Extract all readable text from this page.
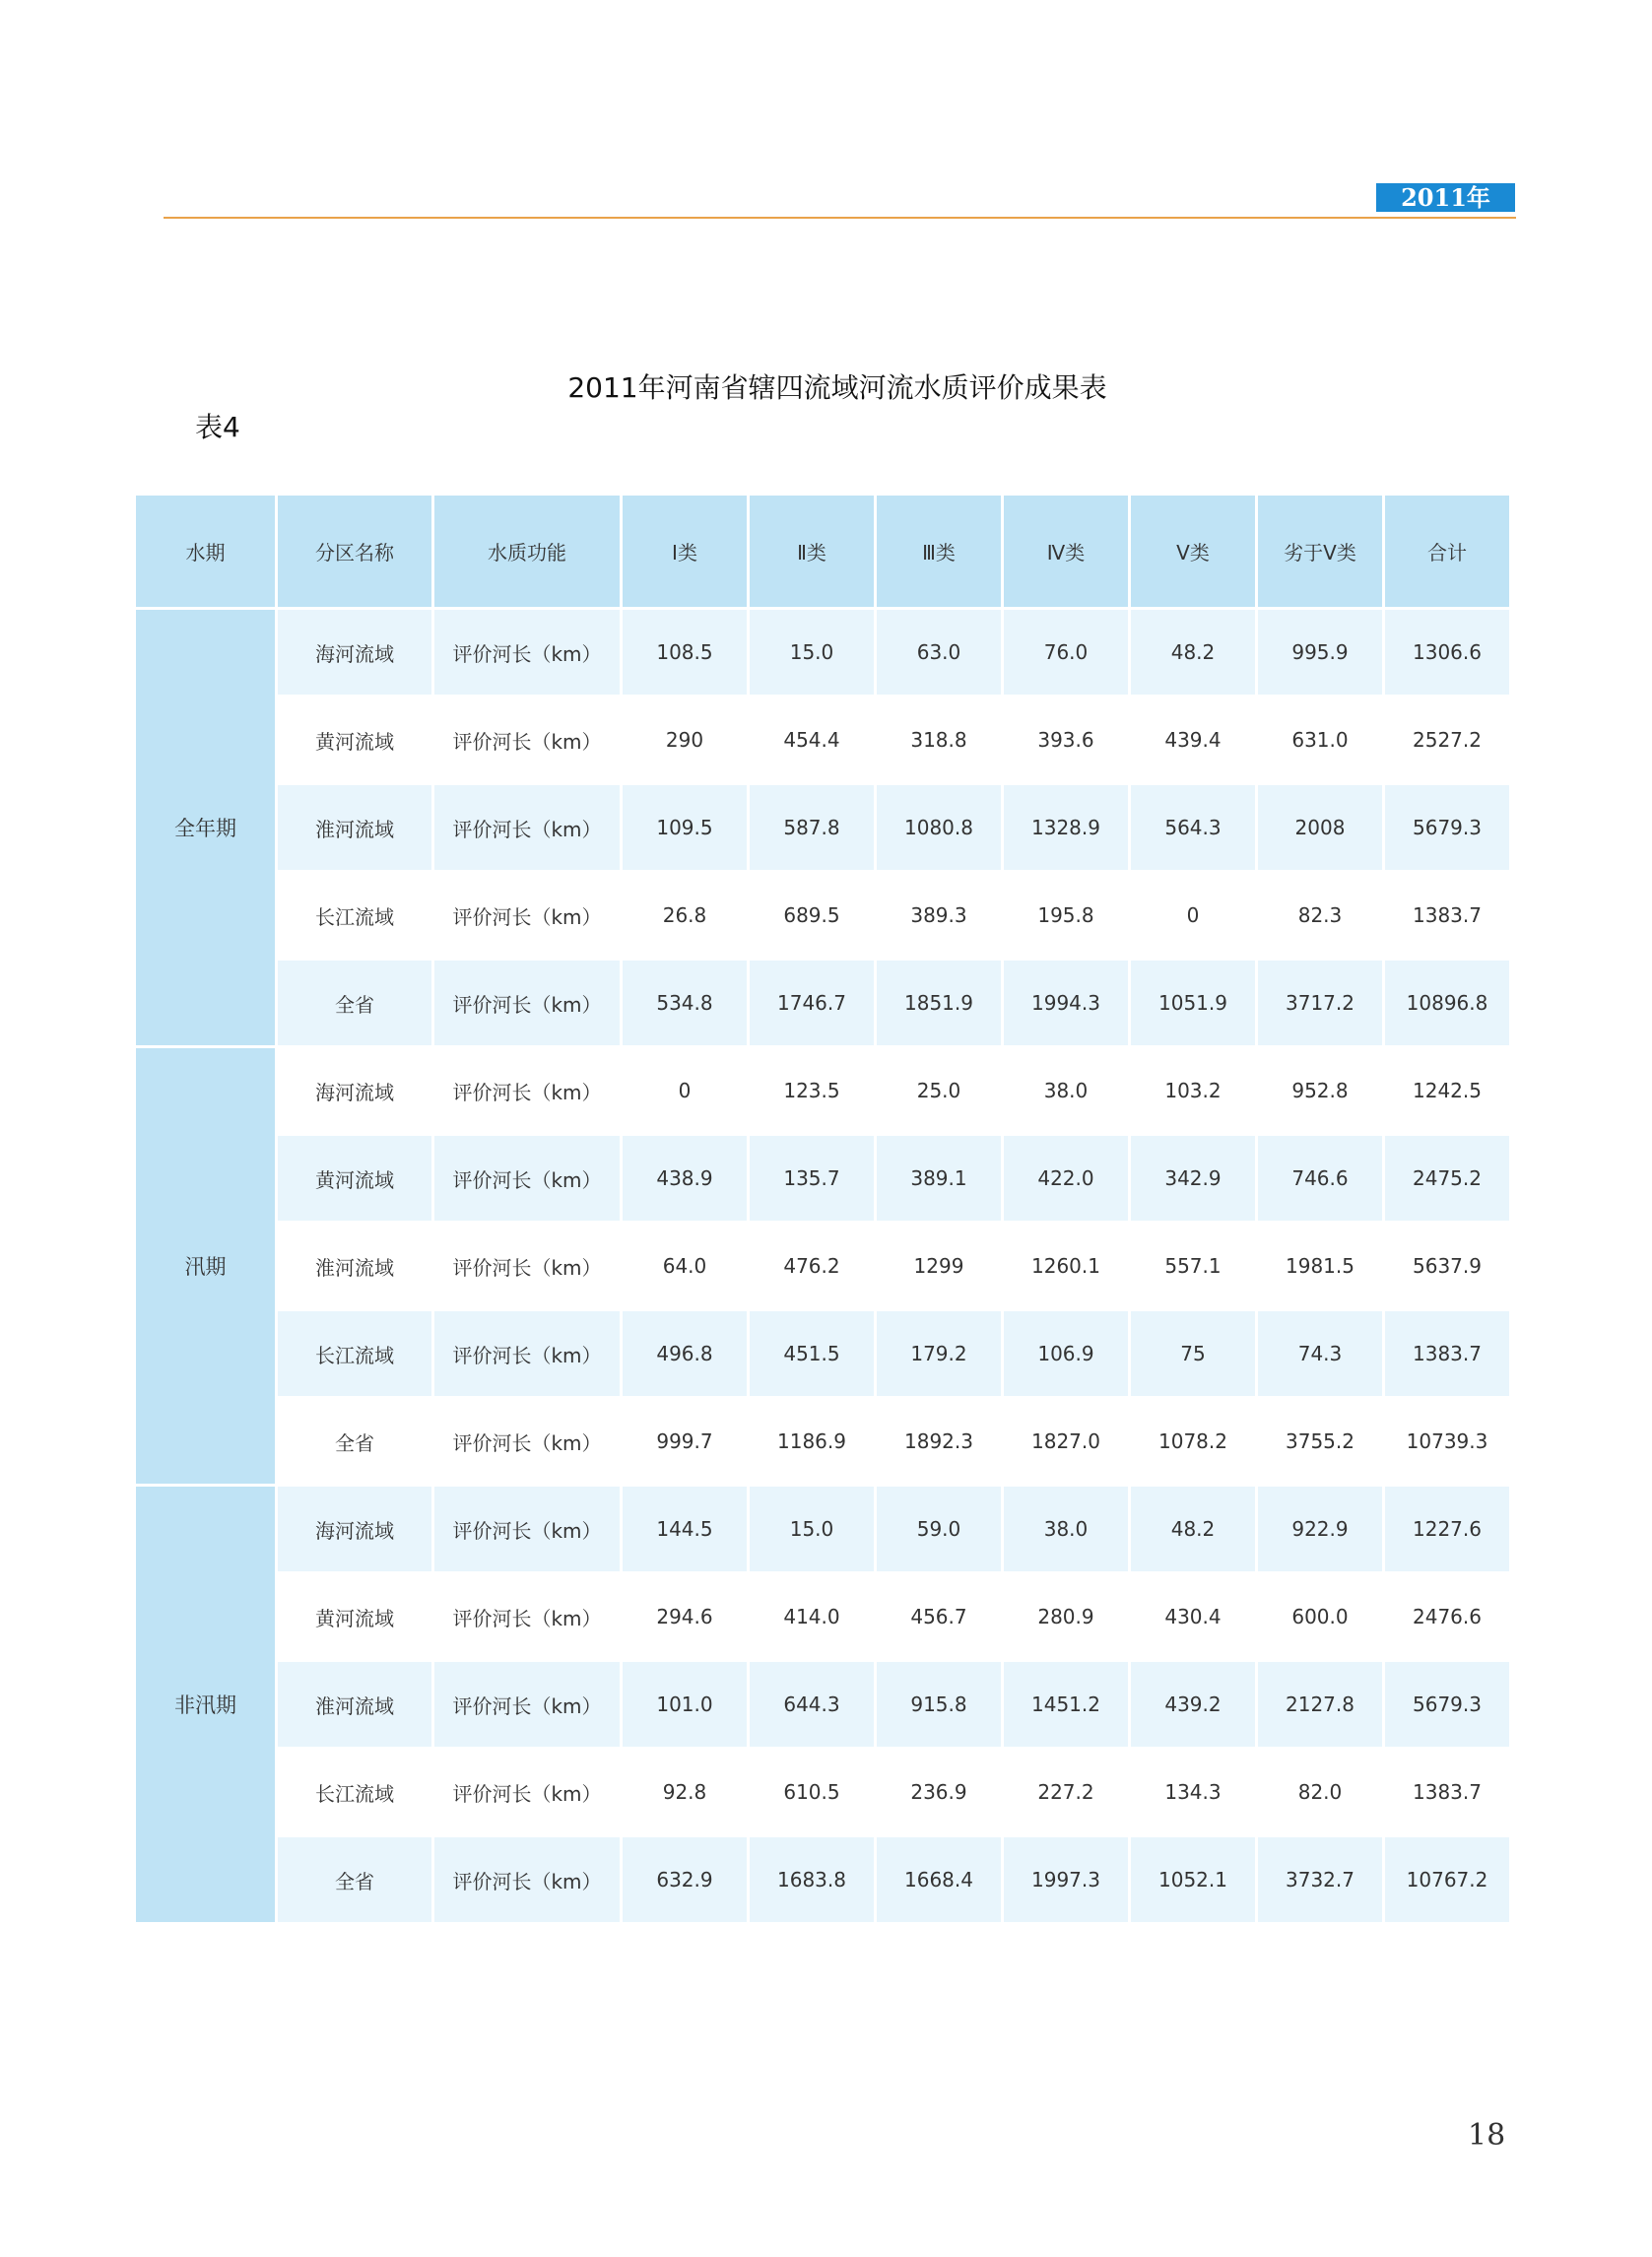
2011年
2011年河南省辖四流域河流水质评价成果表
表4
水期	分区名称	水质功能	Ⅰ类	Ⅱ类	Ⅲ类	Ⅳ类	Ⅴ类	劣于Ⅴ类	合计
全年期	海河流域	评价河长（km）	108.5	15.0	63.0	76.0	48.2	995.9	1306.6
	黄河流域	评价河长（km）	290	454.4	318.8	393.6	439.4	631.0	2527.2
	淮河流域	评价河长（km）	109.5	587.8	1080.8	1328.9	564.3	2008	5679.3
	长江流域	评价河长（km）	26.8	689.5	389.3	195.8	0	82.3	1383.7
	全省	评价河长（km）	534.8	1746.7	1851.9	1994.3	1051.9	3717.2	10896.8
汛期	海河流域	评价河长（km）	0	123.5	25.0	38.0	103.2	952.8	1242.5
	黄河流域	评价河长（km）	438.9	135.7	389.1	422.0	342.9	746.6	2475.2
	淮河流域	评价河长（km）	64.0	476.2	1299	1260.1	557.1	1981.5	5637.9
	长江流域	评价河长（km）	496.8	451.5	179.2	106.9	75	74.3	1383.7
	全省	评价河长（km）	999.7	1186.9	1892.3	1827.0	1078.2	3755.2	10739.3
非汛期	海河流域	评价河长（km）	144.5	15.0	59.0	38.0	48.2	922.9	1227.6
	黄河流域	评价河长（km）	294.6	414.0	456.7	280.9	430.4	600.0	2476.6
	淮河流域	评价河长（km）	101.0	644.3	915.8	1451.2	439.2	2127.8	5679.3
	长江流域	评价河长（km）	92.8	610.5	236.9	227.2	134.3	82.0	1383.7
	全省	评价河长（km）	632.9	1683.8	1668.4	1997.3	1052.1	3732.7	10767.2
18
